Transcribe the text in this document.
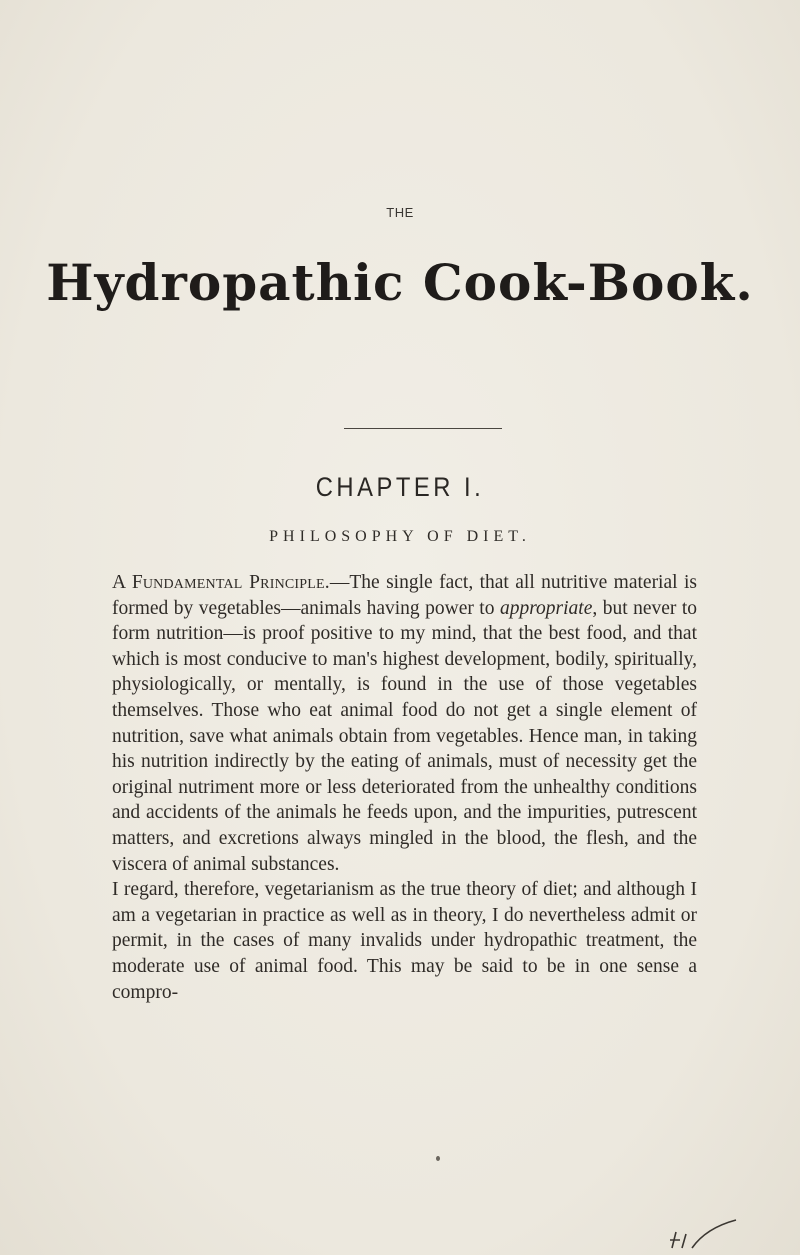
THE
Hydropathic Cook-Book.
CHAPTER I.
PHILOSOPHY OF DIET.

A Fundamental Principle.—The single fact, that all nutritive material is formed by vegetables—animals having power to appropriate, but never to form nutrition—is proof positive to my mind, that the best food, and that which is most conducive to man's highest development, bodily, spiritually, physiologically, or mentally, is found in the use of those vegetables themselves. Those who eat animal food do not get a single element of nutrition, save what animals obtain from vegetables. Hence man, in taking his nutrition indirectly by the eating of animals, must of necessity get the original nutriment more or less deteriorated from the unhealthy conditions and accidents of the animals he feeds upon, and the impurities, putrescent matters, and excretions always mingled in the blood, the flesh, and the viscera of animal substances.

I regard, therefore, vegetarianism as the true theory of diet; and although I am a vegetarian in practice as well as in theory, I do nevertheless admit or permit, in the cases of many invalids under hydropathic treatment, the moderate use of animal food. This may be said to be in one sense a compro-
